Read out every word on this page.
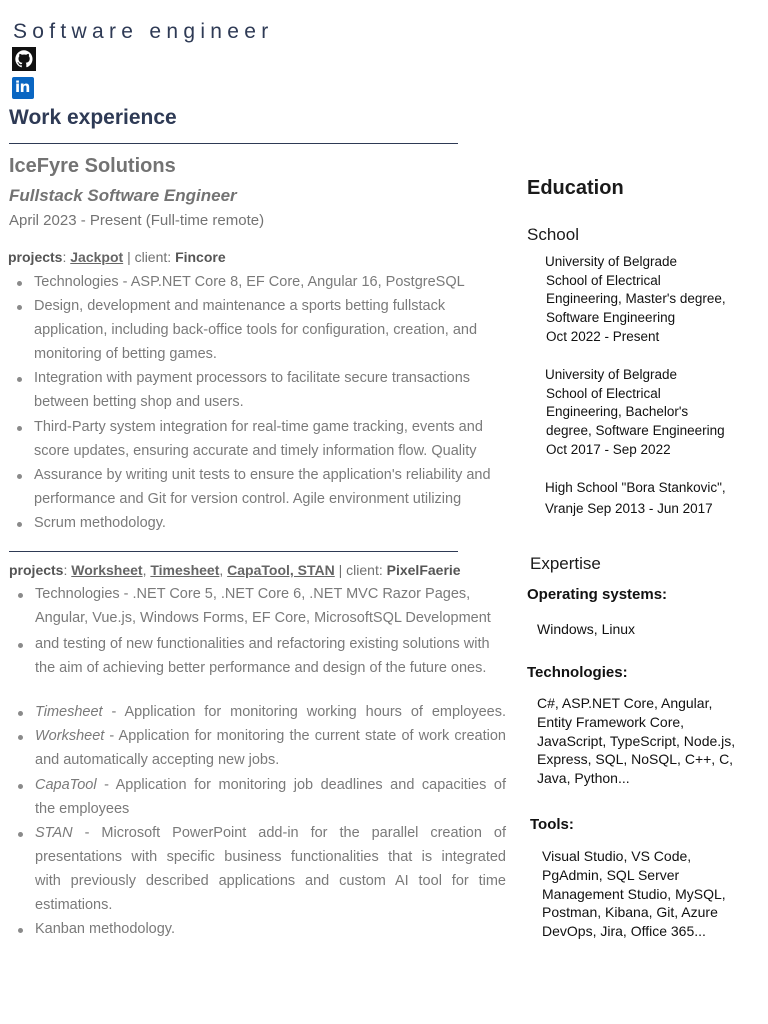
Software engineer
in
Work experience
IceFyre Solutions
Fullstack Software Engineer
April 2023 - Present (Full-time remote)
projects: Jackpot | client: Fincore
Technologies - ASP.NET Core 8, EF Core, Angular 16, PostgreSQL
Design, development and maintenance a sports betting fullstack
application, including back-office tools for configuration, creation, and
monitoring of betting games.
Integration with payment processors to facilitate secure transactions
between betting shop and users.
Third-Party system integration for real-time game tracking, events and
score updates, ensuring accurate and timely information flow. Quality
Assurance by writing unit tests to ensure the application's reliability and
performance and Git for version control. Agile environment utilizing
Scrum methodology.
projects: Worksheet, Timesheet, CapaTool, STAN | client: PixelFaerie
Technologies - .NET Core 5, .NET Core 6, .NET MVC Razor Pages,
Angular, Vue.js, Windows Forms, EF Core, MicrosoftSQL Development
and testing of new functionalities and refactoring existing solutions with
the aim of achieving better performance and design of the future ones.
Timesheet - Application for monitoring working hours of employees.
Worksheet - Application for monitoring the current state of work creation
and automatically accepting new jobs.
CapaTool - Application for monitoring job deadlines and capacities of
the employees
STAN - Microsoft PowerPoint add-in for the parallel creation of
presentations with specific business functionalities that is integrated
with previously described applications and custom AI tool for time
estimations.
Kanban methodology.
Education
School
University of Belgrade
School of Electrical
Engineering, Master's degree,
Software Engineering
Oct 2022 - Present
University of Belgrade
School of Electrical
Engineering, Bachelor's
degree, Software Engineering
Oct 2017 - Sep 2022
High School "Bora Stankovic",
Vranje Sep 2013 - Jun 2017
Expertise
Operating systems:
Windows, Linux
Technologies:
C#, ASP.NET Core, Angular,
Entity Framework Core,
JavaScript, TypeScript, Node.js,
Express, SQL, NoSQL, C++, C,
Java, Python...
Tools:
Visual Studio, VS Code,
PgAdmin, SQL Server
Management Studio, MySQL,
Postman, Kibana, Git, Azure
DevOps, Jira, Office 365...
